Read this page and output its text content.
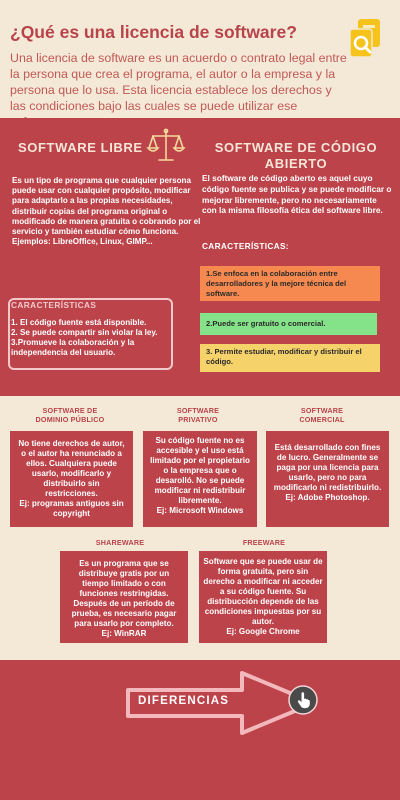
¿Qué es una licencia de software?
Una licencia de software es un acuerdo o contrato legal entre la persona que crea el programa, el autor o la empresa y la persona que lo usa. Esta licencia establece los derechos y las condiciones bajo las cuales se puede utilizar ese
SOFTWARE LIBRE	SOFTWARE DE CÓDIGO ABIERTO
Es un tipo de programa que cualquier persona puede usar con cualquier propósito, modificar para adaptarlo a las propias necesidades, distribuir copias del programa original o modificado de manera gratuita o cobrando por el servicio y también estudiar cómo funciona.
Ejemplos: LibreOffice, Linux, GIMP...
El software de código aberto es aquel cuyo código fuente se publica y se puede modificar o mejorar libremente, pero no necesariamente con la misma filosofía ética del software libre.
CARACTERÍSTICAS:
CARACTERÍSTICAS
1. El código fuente está disponible.
2. Se puede compartir sin violar la ley.
3.Promueve la colaboración y la independencia del usuario.
1.Se enfoca en la colaboración entre desarrolladores y la mejore técnica del software.
2.Puede ser gratuito o comercial.
3. Permite estudiar, modificar y distribuir el código.
SOFTWARE DE DOMINIO PÚBLICO
No tiene derechos de autor, o el autor ha renunciado a ellos. Cualquiera puede usarlo, modificarlo y distribuirlo sin restricciones.
Ej: programas antiguos sin copyright
SOFTWARE PRIVATIVO
Su código fuente no es accesible y el uso está limitado por el propietario o la empresa que o desarolló. No se puede modificar ni redistribuir libremente.
Ej: Microsoft Windows
SOFTWARE COMERCIAL
Está desarrollado con fines de lucro. Generalmente se paga por una licencia para usarlo, pero no para modificarlo ni redistribuirlo.
Ej: Adobe Photoshop.
SHAREWARE
Es un programa que se distribuye gratis por un tiempo limitado o con funciones restringidas. Después de un período de prueba, es necesario pagar para usarlo por completo.
Ej: WinRAR
FREEWARE
Software que se puede usar de forma gratuita, pero sin derecho a modificar ni acceder a su código fuente. Su distribucción depende de las condiciones impuestas por su autor.
Ej: Google Chrome
DIFERENCIAS
